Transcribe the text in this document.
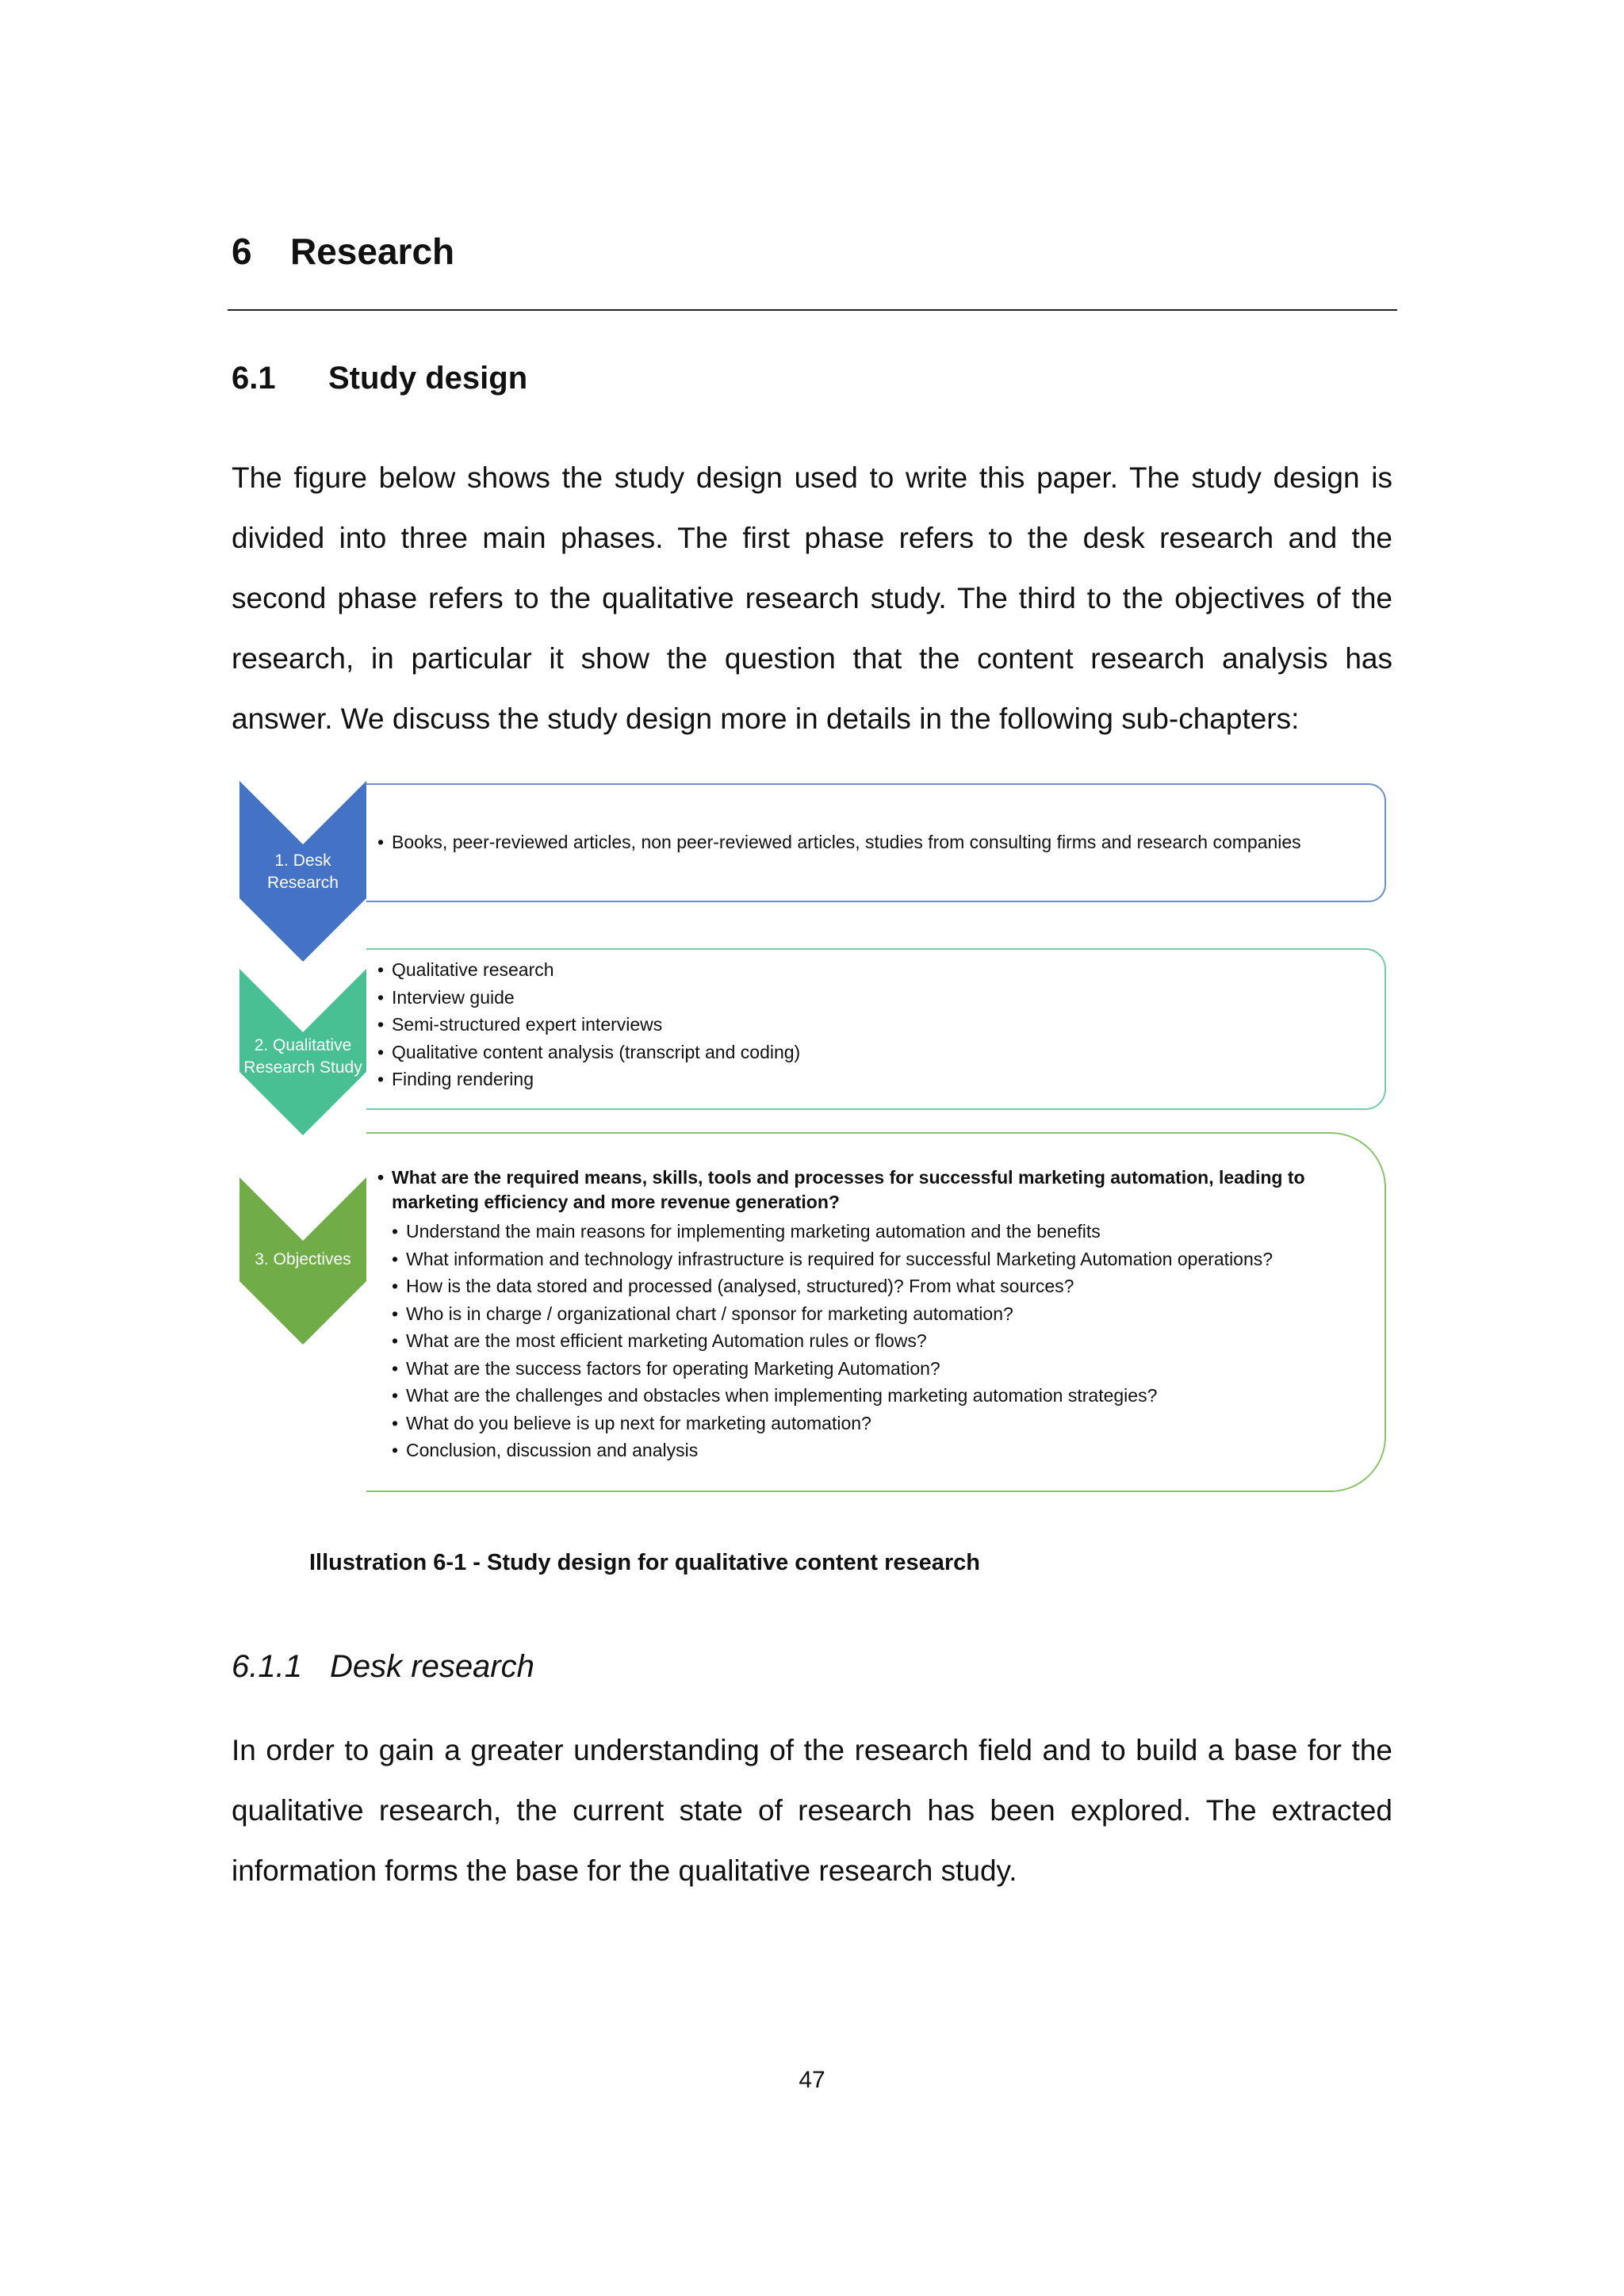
6 Research
6.1 Study design

The figure below shows the study design used to write this paper. The study design is divided into three main phases. The first phase refers to the desk research and the second phase refers to the qualitative research study. The third to the objectives of the research, in particular it show the question that the content research analysis has answer. We discuss the study design more in details in the following sub-chapters:

1. Desk
Research
2. Qualitative
Research Study
3. Objectives
• Books, peer-reviewed articles, non peer-reviewed articles, studies from consulting firms and research companies
• Qualitative research
• Interview guide
• Semi-structured expert interviews
• Qualitative content analysis (transcript and coding)
• Finding rendering
• What are the required means, skills, tools and processes for successful marketing automation, leading to marketing efficiency and more revenue generation?
• Understand the main reasons for implementing marketing automation and the benefits
• What information and technology infrastructure is required for successful Marketing Automation operations?
• How is the data stored and processed (analysed, structured)? From what sources?
• Who is in charge / organizational chart / sponsor for marketing automation?
• What are the most efficient marketing Automation rules or flows?
• What are the success factors for operating Marketing Automation?
• What are the challenges and obstacles when implementing marketing automation strategies?
• What do you believe is up next for marketing automation?
• Conclusion, discussion and analysis

Illustration 6-1 - Study design for qualitative content research

6.1.1 Desk research

In order to gain a greater understanding of the research field and to build a base for the qualitative research, the current state of research has been explored. The extracted information forms the base for the qualitative research study.

47
